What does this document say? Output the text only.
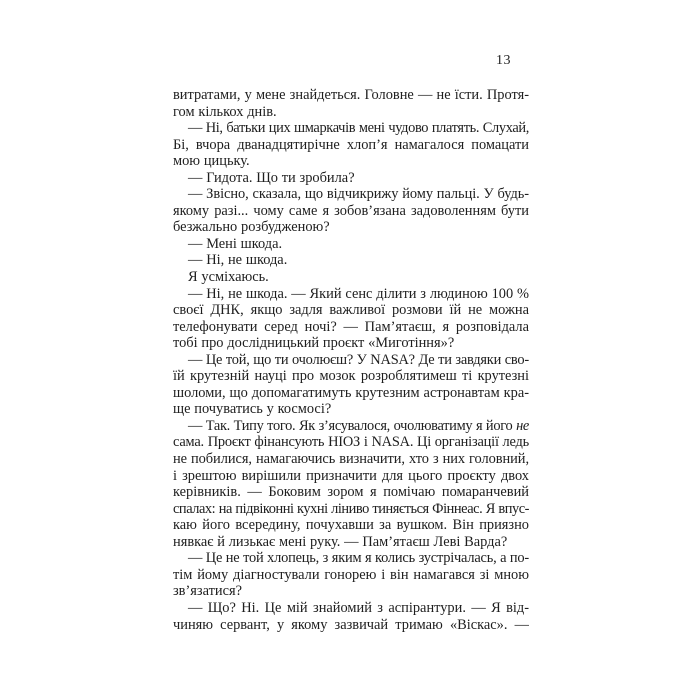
13
витратами, у мене знайдеться. Головне — не їсти. Протя-
гом кількох днів.
— Ні, батьки цих шмаркачів мені чудово платять. Слухай,
Бі, вчора дванадцятирічне хлоп’я намагалося помацати
мою цицьку.
— Гидота. Що ти зробила?
— Звісно, сказала, що відчикрижу йому пальці. У будь-
якому разі... чому саме я зобов’язана задоволенням бути
безжально розбудженою?
— Мені шкода.
— Ні, не шкода.
Я усміхаюсь.
— Ні, не шкода. — Який сенс ділити з людиною 100 %
своєї ДНК, якщо задля важливої розмови їй не можна
телефонувати серед ночі? — Пам’ятаєш, я розповідала
тобі про дослідницький проєкт «Миготіння»?
— Це той, що ти очолюєш? У NASA? Де ти завдяки сво-
їй крутезній науці про мозок розроблятимеш ті крутезні
шоломи, що допомагатимуть крутезним астронавтам кра-
ще почуватись у космосі?
— Так. Типу того. Як з’ясувалося, очолюватиму я його не
сама. Проєкт фінансують НІОЗ і NASA. Ці організації ледь
не побилися, намагаючись визначити, хто з них головний,
і зрештою вирішили призначити для цього проєкту двох
керівників. — Боковим зором я помічаю помаранчевий
спалах: на підвіконні кухні ліниво тиняється Фіннеас. Я впус-
каю його всередину, почухавши за вушком. Він приязно
нявкає й лизькає мені руку. — Пам’ятаєш Леві Варда?
— Це не той хлопець, з яким я колись зустрічалась, а по-
тім йому діагностували гонорею і він намагався зі мною
зв’язатися?
— Що? Ні. Це мій знайомий з аспірантури. — Я від-
чиняю сервант, у якому зазвичай тримаю «Віскас». —
